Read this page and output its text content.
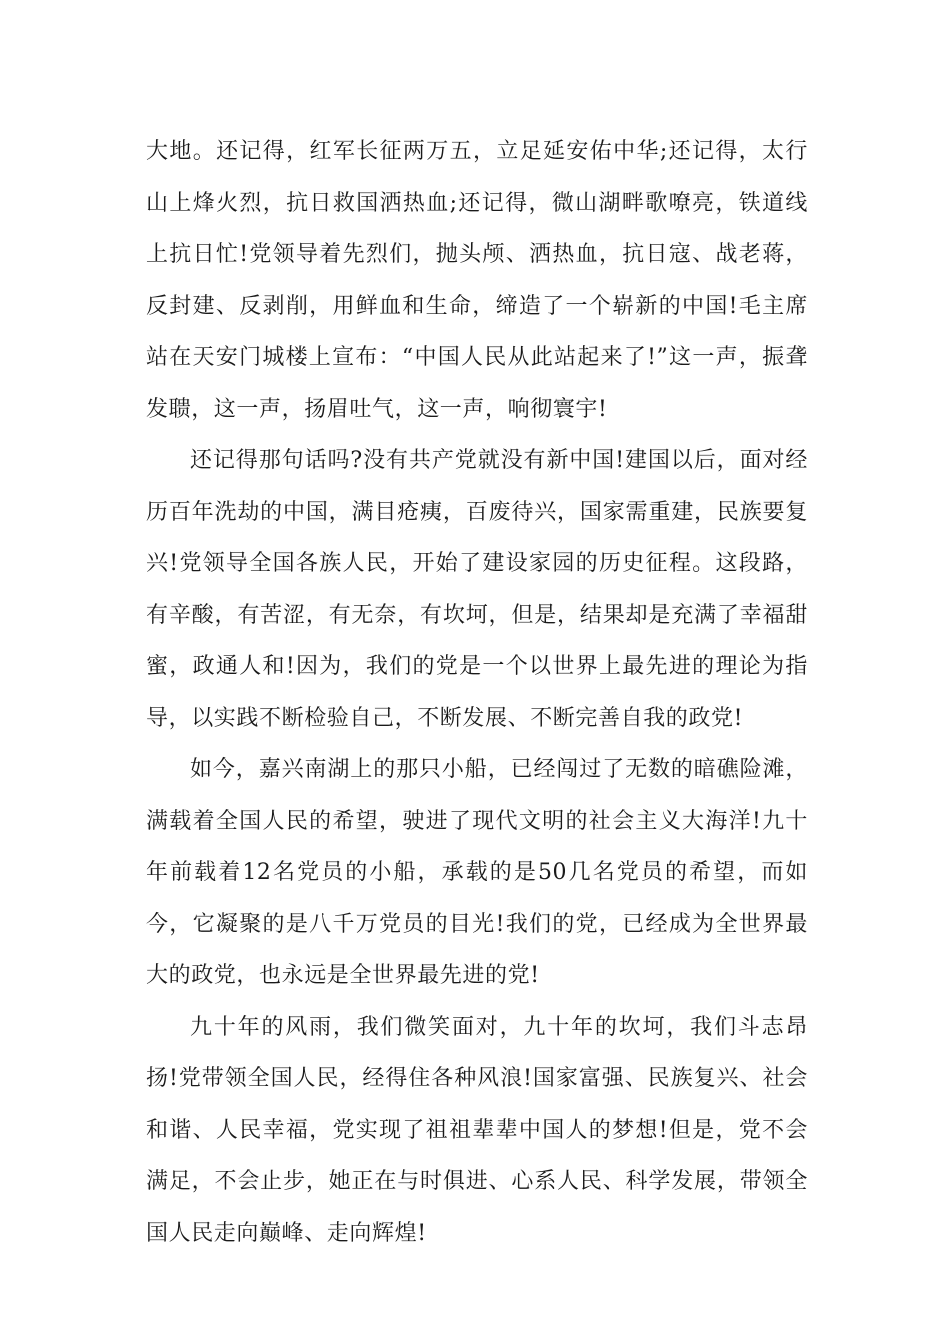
大地。还记得，红军长征两万五，立足延安佑中华;还记得，太行山上烽火烈，抗日救国洒热血;还记得，微山湖畔歌嘹亮，铁道线上抗日忙!党领导着先烈们，抛头颅、洒热血，抗日寇、战老蒋，反封建、反剥削，用鲜血和生命，缔造了一个崭新的中国!毛主席站在天安门城楼上宣布：“中国人民从此站起来了!”这一声，振聋发聩，这一声，扬眉吐气，这一声，响彻寰宇!

还记得那句话吗?没有共产党就没有新中国!建国以后，面对经历百年洗劫的中国，满目疮痍，百废待兴，国家需重建，民族要复兴!党领导全国各族人民，开始了建设家园的历史征程。这段路，有辛酸，有苦涩，有无奈，有坎坷，但是，结果却是充满了幸福甜蜜，政通人和!因为，我们的党是一个以世界上最先进的理论为指导，以实践不断检验自己，不断发展、不断完善自我的政党!

如今，嘉兴南湖上的那只小船，已经闯过了无数的暗礁险滩，满载着全国人民的希望，驶进了现代文明的社会主义大海洋!九十年前载着12名党员的小船，承载的是50几名党员的希望，而如今，它凝聚的是八千万党员的目光!我们的党，已经成为全世界最大的政党，也永远是全世界最先进的党!

九十年的风雨，我们微笑面对，九十年的坎坷，我们斗志昂扬!党带领全国人民，经得住各种风浪!国家富强、民族复兴、社会和谐、人民幸福，党实现了祖祖辈辈中国人的梦想!但是，党不会满足，不会止步，她正在与时俱进、心系人民、科学发展，带领全国人民走向巅峰、走向辉煌!
